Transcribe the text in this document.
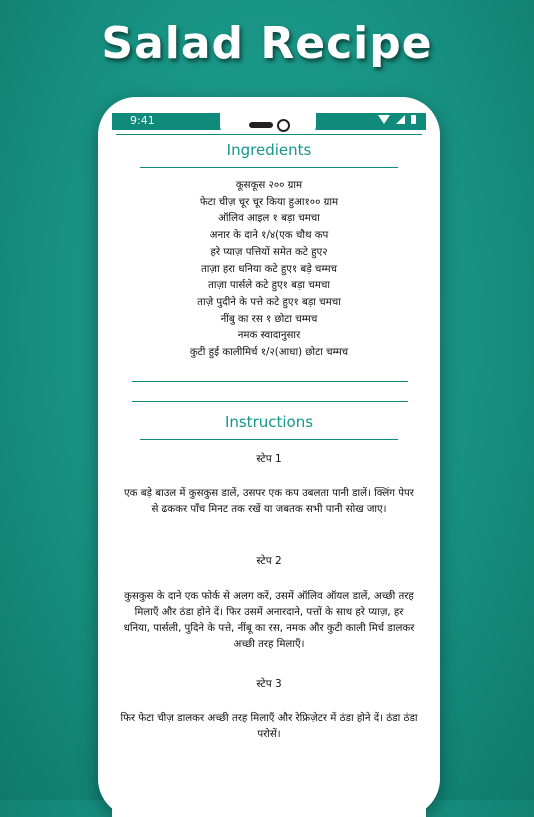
Salad Recipe
9:41
Ingredients
कूसकूस २०० ग्राम
फेटा चीज़ चूर चूर किया हुआ१०० ग्राम
ऑलिव आइल १ बड़ा चमचा
अनार के दाने १/४(एक चौथ कप
हरे प्याज़ पत्तियों समेत कटे हुए२
ताज़ा हरा धनिया कटे हुए१ बड़े चम्मच
ताज़ा पार्सले कटे हुए१ बड़ा चमचा
ताज़े पुदीने के पत्ते कटे हुए१ बड़ा चमचा
नींबु का रस १ छोटा चम्मच
नमक स्वादानुसार
कुटी हुई कालीमिर्च १/२(आधा) छोटा चम्मच
Instructions
स्टेप 1
एक बड़े बाउल में कुसकुस डालें, उसपर एक कप उबलता पानी डालें। क्लिंग पेपर से ढककर पाँच मिनट तक रखें या जबतक सभी पानी सोख जाए।
स्टेप 2
कुसकुस के दाने एक फोर्क से अलग करें, उसमें ऑलिव ऑयल डालें, अच्छी तरह मिलाएँ और ठंडा होने दें। फिर उसमें अनारदाने, पत्तों के साथ हरे प्याज़, हर धनिया, पार्सली, पुदिने के पत्ते, नींबू का रस, नमक और कुटी काली मिर्च डालकर अच्छी तरह मिलाएँ।
स्टेप 3
फिर फेटा चीज़ डालकर अच्छी तरह मिलाएँ और रेफ्रिज़ेटर में ठंडा होने दें। ठंडा ठंडा परोसें।
